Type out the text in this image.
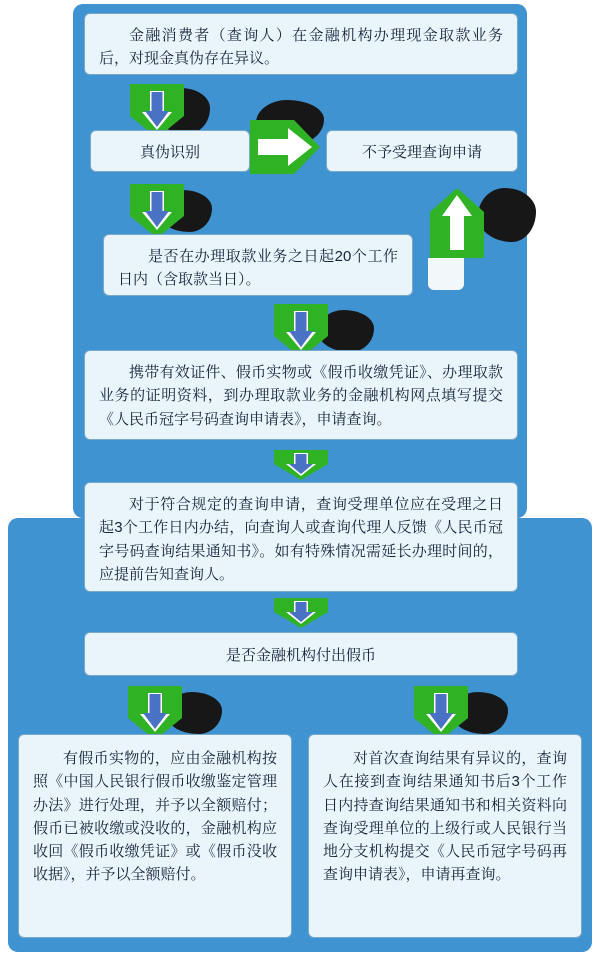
金融消费者（查询人）在金融机构办理现金取款业务后，对现金真伪存在异议。

真伪识别	不予受理查询申请

是否在办理取款业务之日起20个工作日内（含取款当日）。

携带有效证件、假币实物或《假币收缴凭证》、办理取款业务的证明资料，到办理取款业务的金融机构网点填写提交《人民币冠字号码查询申请表》，申请查询。

对于符合规定的查询申请，查询受理单位应在受理之日起3个工作日内办结，向查询人或查询代理人反馈《人民币冠字号码查询结果通知书》。如有特殊情况需延长办理时间的，应提前告知查询人。

是否金融机构付出假币

有假币实物的，应由金融机构按照《中国人民银行假币收缴鉴定管理办法》进行处理，并予以全额赔付；假币已被收缴或没收的，金融机构应收回《假币收缴凭证》或《假币没收收据》，并予以全额赔付。

对首次查询结果有异议的，查询人在接到查询结果通知书后3个工作日内持查询结果通知书和相关资料向查询受理单位的上级行或人民银行当地分支机构提交《人民币冠字号码再查询申请表》，申请再查询。
